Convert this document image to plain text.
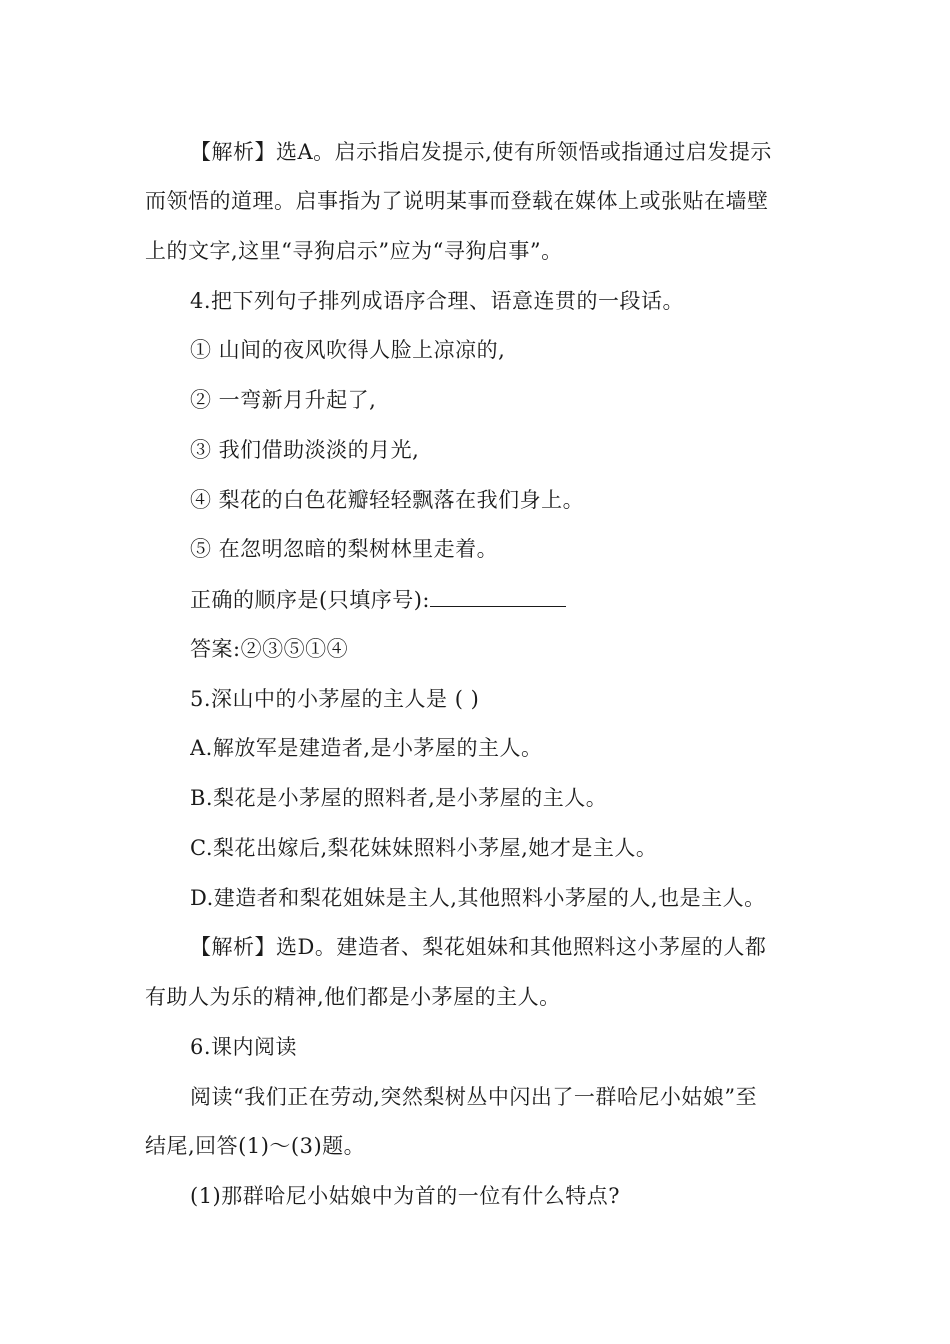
【解析】选A。启示指启发提示,使有所领悟或指通过启发提示
而领悟的道理。启事指为了说明某事而登载在媒体上或张贴在墙壁
上的文字,这里“寻狗启示”应为“寻狗启事”。
4.把下列句子排列成语序合理、语意连贯的一段话。
① 山间的夜风吹得人脸上凉凉的,
② 一弯新月升起了,
③ 我们借助淡淡的月光,
④ 梨花的白色花瓣轻轻飘落在我们身上。
⑤ 在忽明忽暗的梨树林里走着。
正确的顺序是(只填序号):
答案:②③⑤①④
5.深山中的小茅屋的主人是 ( )
A.解放军是建造者,是小茅屋的主人。
B.梨花是小茅屋的照料者,是小茅屋的主人。
C.梨花出嫁后,梨花妹妹照料小茅屋,她才是主人。
D.建造者和梨花姐妹是主人,其他照料小茅屋的人,也是主人。
【解析】选D。建造者、梨花姐妹和其他照料这小茅屋的人都
有助人为乐的精神,他们都是小茅屋的主人。
6.课内阅读
阅读“我们正在劳动,突然梨树丛中闪出了一群哈尼小姑娘”至
结尾,回答(1)～(3)题。
(1)那群哈尼小姑娘中为首的一位有什么特点?
